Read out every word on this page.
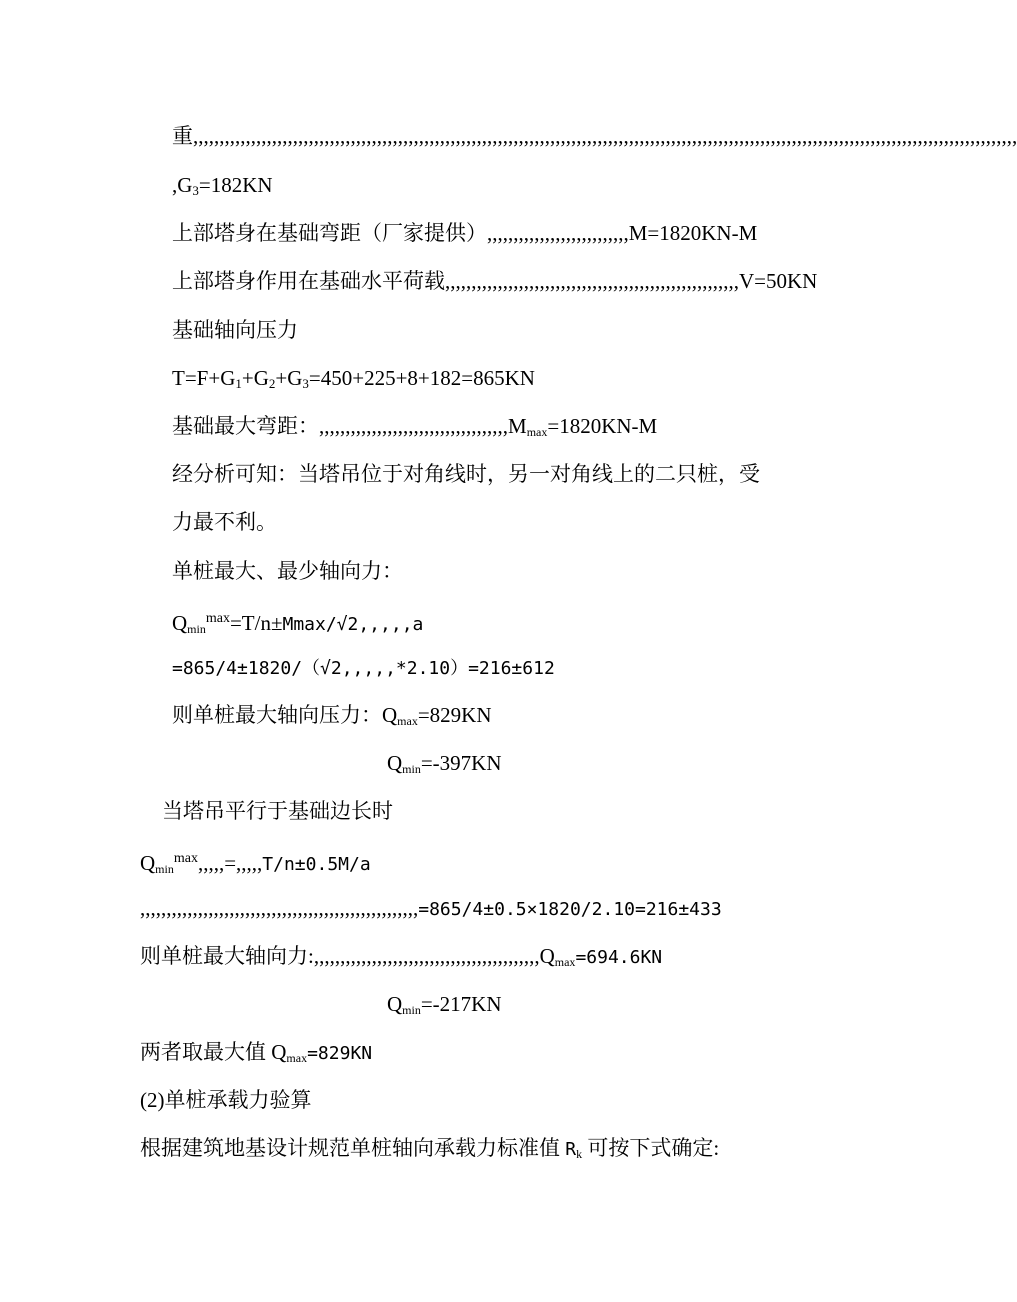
重,,,,,,,,,,,,,,,,,,,,,,,,,,,,,,,,,,,,,,,,,,,,,,,,,,,,,,,,,,,,,,,,,,,,,,,,,,,,,,,,,,,,,,,,,,,,,,,,,,,,,,,,,,,,,,,,,,,,,,,,,,,,,,,,,,,,,,,,,,,,,,,,,,,,,,,,,,,,,
$,G_3=182KN$
上部塔身在基础弯距（厂家提供）,,,,,,,,,,,,,,,,,,,,,,,,,,,M=1820KN-M
上部塔身作用在基础水平荷载,,,,,,,,,,,,,,,,,,,,,,,,,,,,,,,,,,,,,,,,,,,,,,,,,,,,,,,,V=50KN
基础轴向压力
$T=F+G_1+G_2+G_3=450+225+8+182=865KN$
基础最大弯距：,,,,,,,,,,,,,,,,,,,,,,,,,,,,,,,,,,,,Mmax=1820KN-M
经分析可知：当塔吊位于对角线时，另一对角线上的二只桩，受
力最不利。
单桩最大、最少轴向力：
Qmin$^{max}$=T/n±Mmax/√2,,,,,a
=865/4±1820/（√2,,,,,*2.10）=216±612
则单桩最大轴向压力：Qmax=829KN
Qmin=-397KN
当塔吊平行于基础边长时
Qmin$^{max}$,,,,,=,,,,,T/n±0.5M/a
,,,,,,,,,,,,,,,,,,,,,,,,,,,,,,,,,,,,,,,,,,,,,,,,,,,,,=865/4±0.5×1820/2.10=216±433
则单桩最大轴向力:,,,,,,,,,,,,,,,,,,,,,,,,,,,,,,,,,,,,,,,,,,,Qmax=694.6KN
Qmin=-217KN
两者取最大值 Qmax=829KN
(2)单桩承载力验算
根据建筑地基设计规范单桩轴向承载力标准值 Rk 可按下式确定:
